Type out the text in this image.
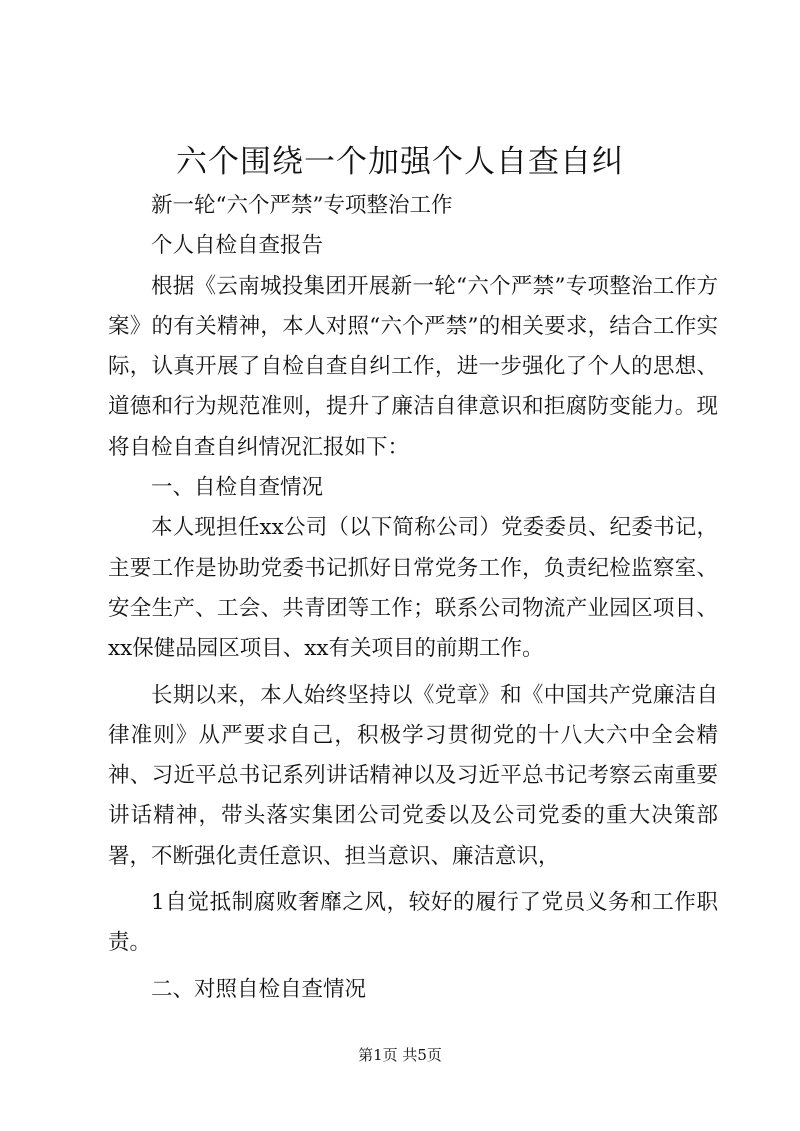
六个围绕一个加强个人自查自纠

新一轮“六个严禁”专项整治工作

个人自检自查报告

根据《云南城投集团开展新一轮“六个严禁”专项整治工作方案》的有关精神，本人对照“六个严禁”的相关要求，结合工作实际，认真开展了自检自查自纠工作，进一步强化了个人的思想、道德和行为规范准则，提升了廉洁自律意识和拒腐防变能力。现将自检自查自纠情况汇报如下：

一、自检自查情况

本人现担任xx公司（以下简称公司）党委委员、纪委书记，主要工作是协助党委书记抓好日常党务工作，负责纪检监察室、安全生产、工会、共青团等工作；联系公司物流产业园区项目、xx保健品园区项目、xx有关项目的前期工作。

长期以来，本人始终坚持以《党章》和《中国共产党廉洁自律准则》从严要求自己，积极学习贯彻党的十八大六中全会精神、习近平总书记系列讲话精神以及习近平总书记考察云南重要讲话精神，带头落实集团公司党委以及公司党委的重大决策部署，不断强化责任意识、担当意识、廉洁意识，

1自觉抵制腐败奢靡之风，较好的履行了党员义务和工作职责。

二、对照自检自查情况

第1页 共5页
